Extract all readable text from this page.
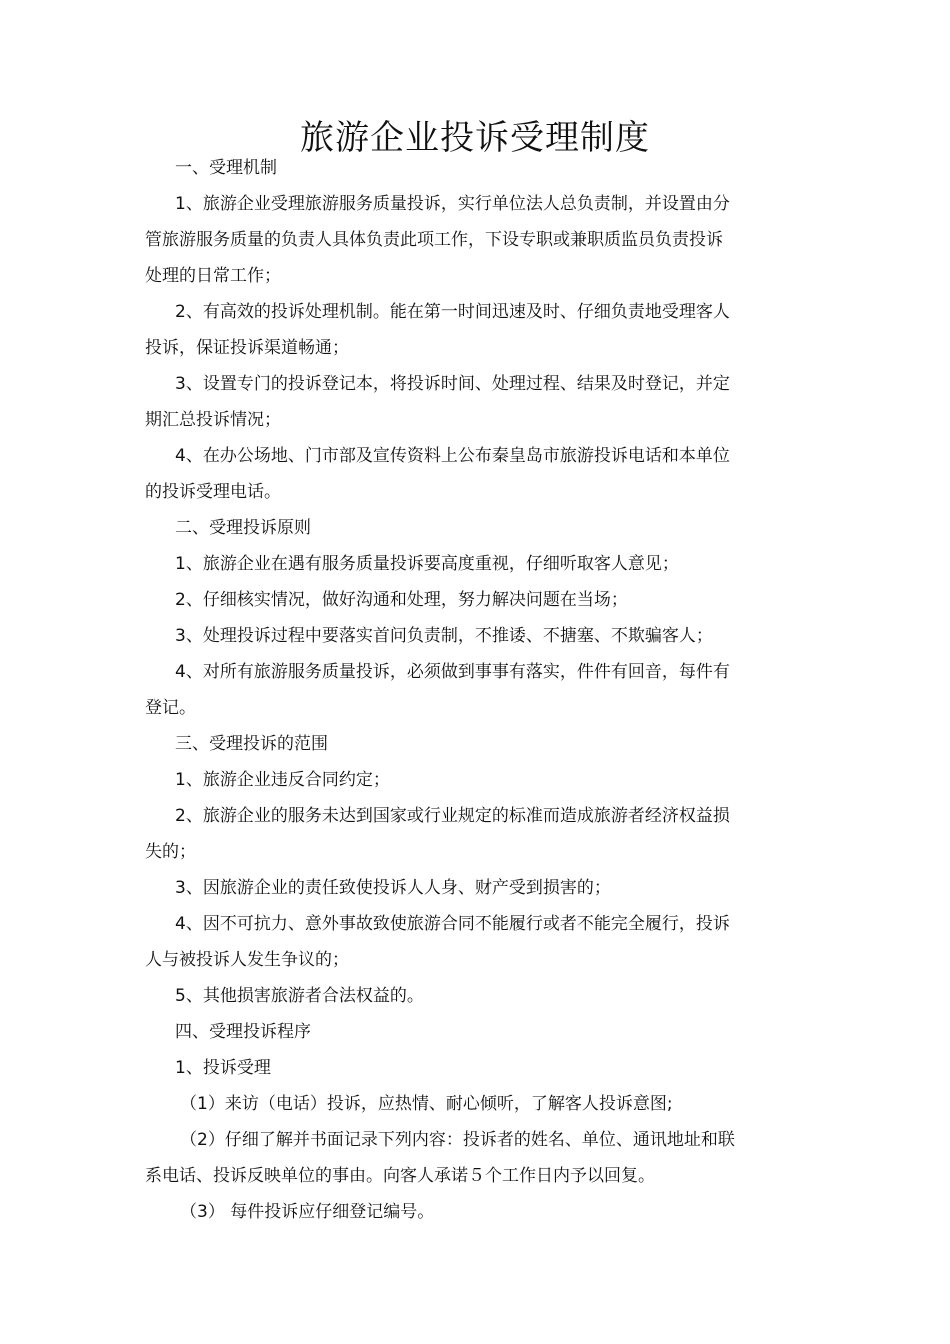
旅游企业投诉受理制度
一、受理机制
1、旅游企业受理旅游服务质量投诉，实行单位法人总负责制，并设置由分
管旅游服务质量的负责人具体负责此项工作，下设专职或兼职质监员负责投诉
处理的日常工作；
2、有高效的投诉处理机制。能在第一时间迅速及时、仔细负责地受理客人
投诉，保证投诉渠道畅通；
3、设置专门的投诉登记本，将投诉时间、处理过程、结果及时登记，并定
期汇总投诉情况；
4、在办公场地、门市部及宣传资料上公布秦皇岛市旅游投诉电话和本单位
的投诉受理电话。
二、受理投诉原则
1、旅游企业在遇有服务质量投诉要高度重视，仔细听取客人意见；
2、仔细核实情况，做好沟通和处理，努力解决问题在当场；
3、处理投诉过程中要落实首问负责制，不推诿、不搪塞、不欺骗客人；
4、对所有旅游服务质量投诉，必须做到事事有落实，件件有回音，每件有
登记。
三、受理投诉的范围
1、旅游企业违反合同约定；
2、旅游企业的服务未达到国家或行业规定的标准而造成旅游者经济权益损
失的；
3、因旅游企业的责任致使投诉人人身、财产受到损害的；
4、因不可抗力、意外事故致使旅游合同不能履行或者不能完全履行，投诉
人与被投诉人发生争议的；
5、其他损害旅游者合法权益的。
四、受理投诉程序
1、投诉受理
（1）来访（电话）投诉，应热情、耐心倾听，了解客人投诉意图;
（2）仔细了解并书面记录下列内容：投诉者的姓名、单位、通讯地址和联
系电话、投诉反映单位的事由。向客人承诺５个工作日内予以回复。
（3） 每件投诉应仔细登记编号。
